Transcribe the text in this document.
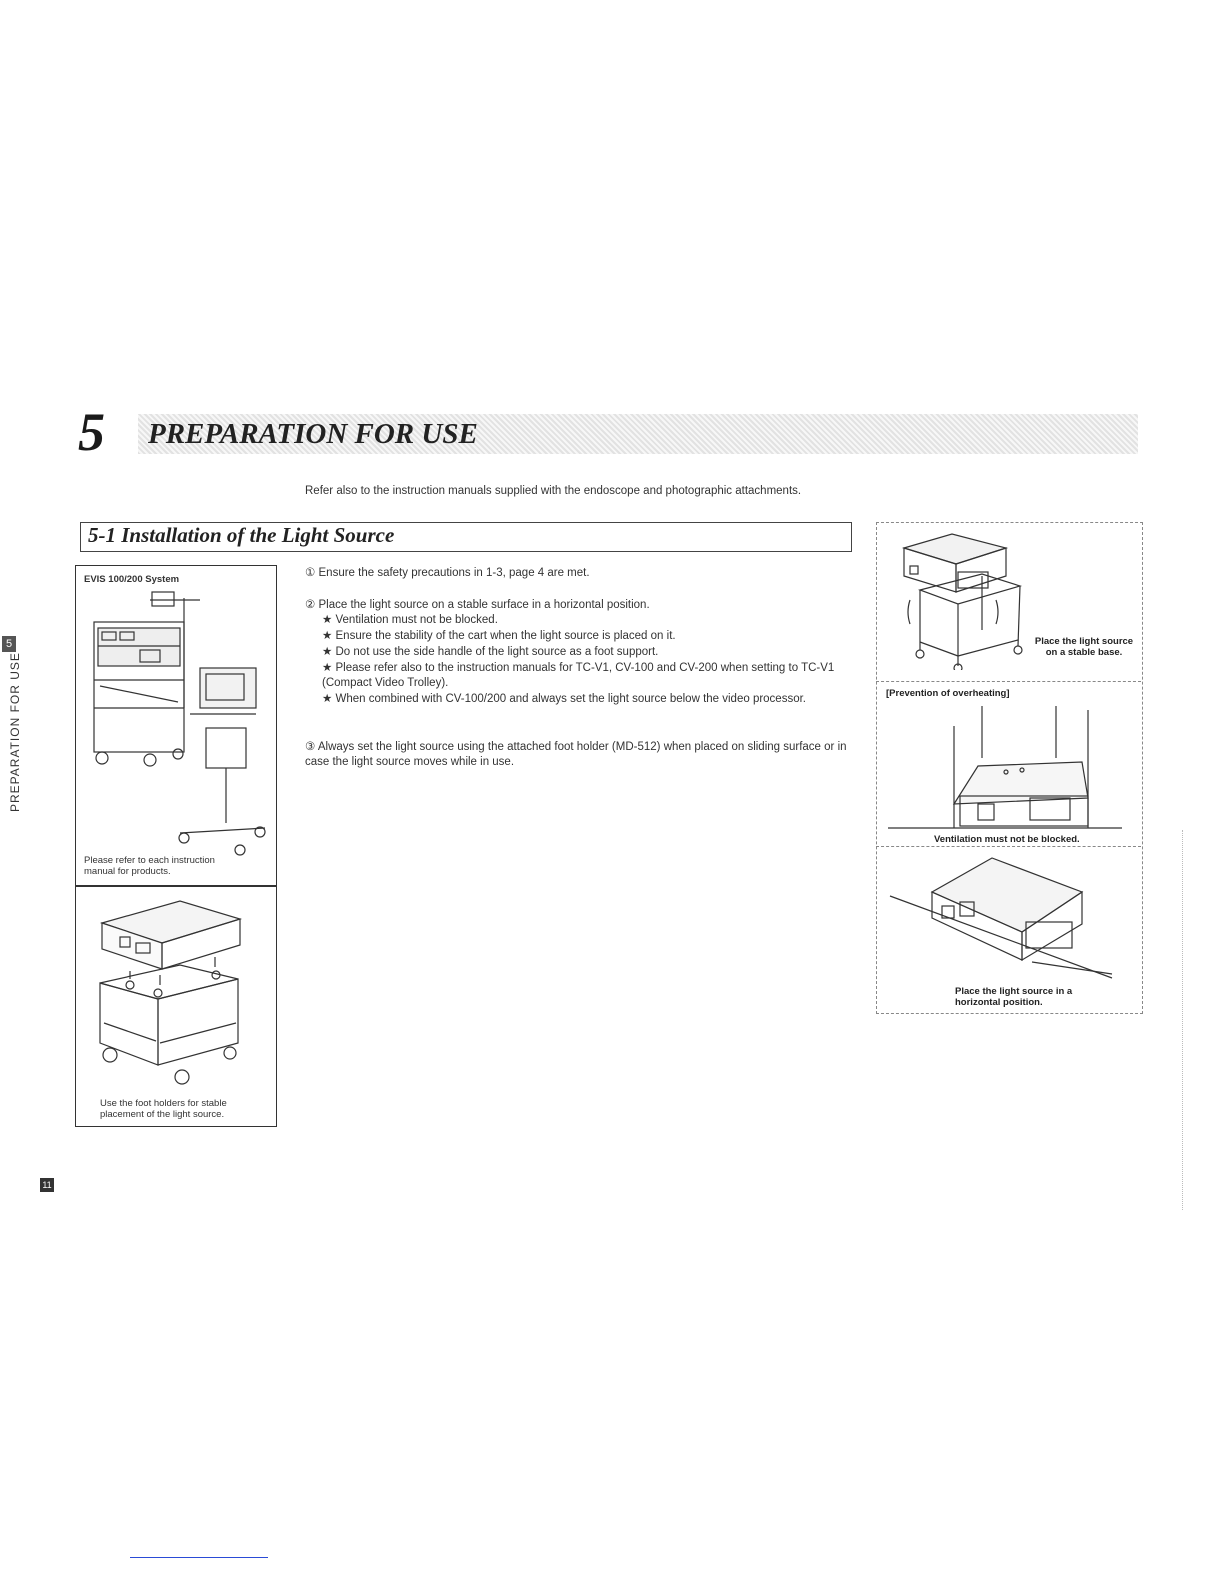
5 PREPARATION FOR USE
Refer also to the instruction manuals supplied with the endoscope and photographic attachments.
5-1 Installation of the Light Source
5
PREPARATION FOR USE
11
EVIS 100/200 System
Please refer to each instruction manual for products.
Use the foot holders for stable placement of the light source.
① Ensure the safety precautions in 1-3, page 4 are met.
② Place the light source on a stable surface in a horizontal position.
★ Ventilation must not be blocked.
★ Ensure the stability of the cart when the light source is placed on it.
★ Do not use the side handle of the light source as a foot support.
★ Please refer also to the instruction manuals for TC-V1, CV-100 and CV-200 when setting to TC-V1 (Compact Video Trolley).
★ When combined with CV-100/200 and always set the light source below the video processor.
③ Always set the light source using the attached foot holder (MD-512) when placed on sliding surface or in case the light source moves while in use.
Place the light source on a stable base.
[Prevention of overheating]
Ventilation must not be blocked.
Place the light source in a horizontal position.
